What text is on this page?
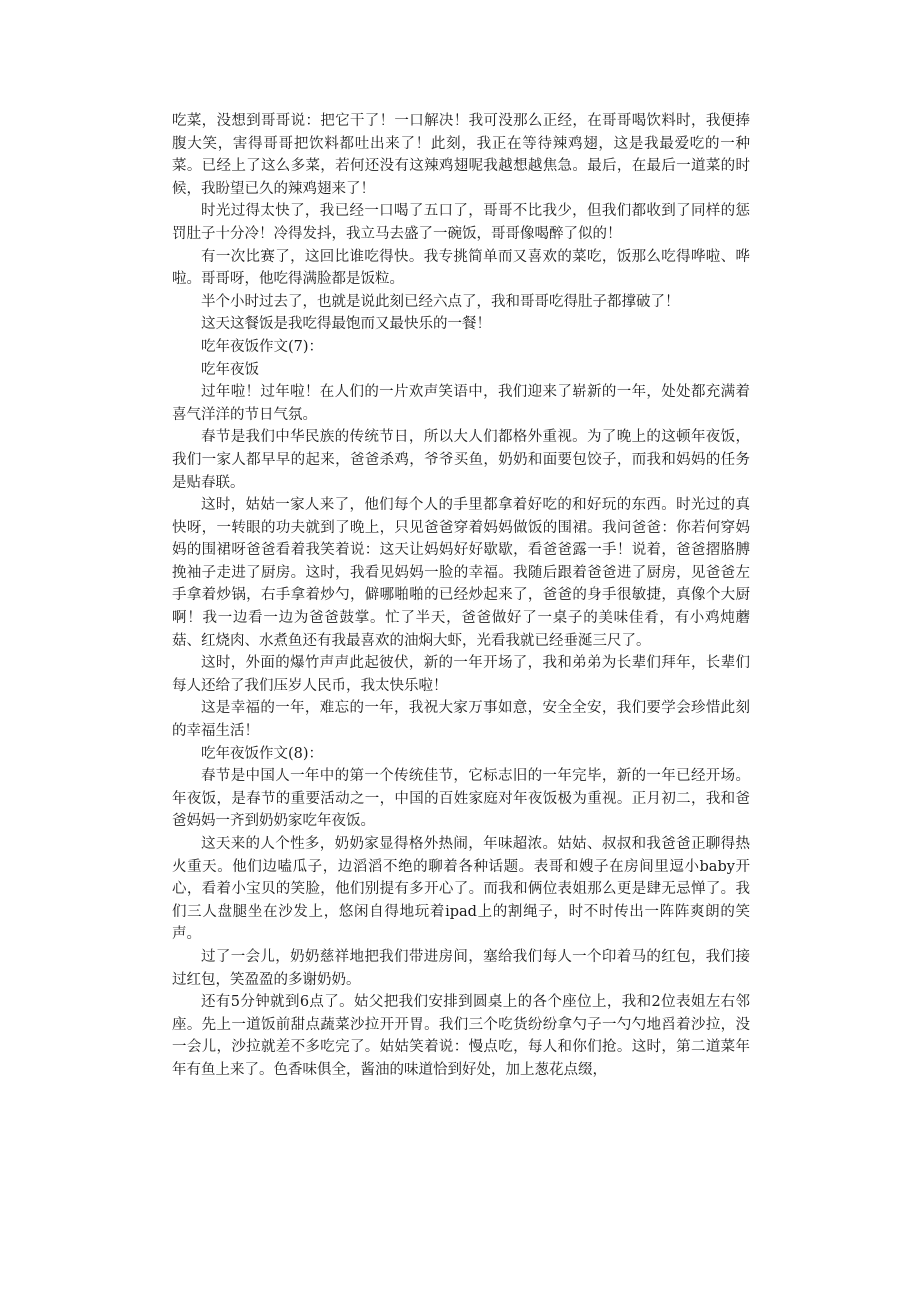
吃菜，没想到哥哥说：把它干了！一口解决！我可没那么正经，在哥哥喝饮料时，我便捧腹大笑，害得哥哥把饮料都吐出来了！此刻，我正在等待辣鸡翅，这是我最爱吃的一种菜。已经上了这么多菜，若何还没有这辣鸡翅呢我越想越焦急。最后，在最后一道菜的时候，我盼望已久的辣鸡翅来了！

时光过得太快了，我已经一口喝了五口了，哥哥不比我少，但我们都收到了同样的惩罚肚子十分冷！冷得发抖，我立马去盛了一碗饭，哥哥像喝醉了似的！

有一次比赛了，这回比谁吃得快。我专挑简单而又喜欢的菜吃，饭那么吃得哗啦、哗啦。哥哥呀，他吃得满脸都是饭粒。

半个小时过去了，也就是说此刻已经六点了，我和哥哥吃得肚子都撑破了！

这天这餐饭是我吃得最饱而又最快乐的一餐！

吃年夜饭作文(7)：

吃年夜饭

过年啦！过年啦！在人们的一片欢声笑语中，我们迎来了崭新的一年，处处都充满着喜气洋洋的节日气氛。

春节是我们中华民族的传统节日，所以大人们都格外重视。为了晚上的这顿年夜饭，我们一家人都早早的起来，爸爸杀鸡，爷爷买鱼，奶奶和面要包饺子，而我和妈妈的任务是贴春联。

这时，姑姑一家人来了，他们每个人的手里都拿着好吃的和好玩的东西。时光过的真快呀，一转眼的功夫就到了晚上，只见爸爸穿着妈妈做饭的围裙。我问爸爸：你若何穿妈妈的围裙呀爸爸看着我笑着说：这天让妈妈好好歇歇，看爸爸露一手！说着，爸爸摺胳膊挽袖子走进了厨房。这时，我看见妈妈一脸的幸福。我随后跟着爸爸进了厨房，见爸爸左手拿着炒锅，右手拿着炒勺，僻哪啪啪的已经炒起来了，爸爸的身手很敏捷，真像个大厨啊！我一边看一边为爸爸鼓掌。忙了半天，爸爸做好了一桌子的美味佳肴，有小鸡炖蘑菇、红烧肉、水煮鱼还有我最喜欢的油焖大虾，光看我就已经垂涎三尺了。

这时，外面的爆竹声声此起彼伏，新的一年开场了，我和弟弟为长辈们拜年，长辈们每人还给了我们压岁人民币，我太快乐啦！

这是幸福的一年，难忘的一年，我祝大家万事如意，安全全安，我们要学会珍惜此刻的幸福生活！

吃年夜饭作文(8)：

春节是中国人一年中的第一个传统佳节，它标志旧的一年完毕，新的一年已经开场。年夜饭，是春节的重要活动之一，中国的百姓家庭对年夜饭极为重视。正月初二，我和爸爸妈妈一齐到奶奶家吃年夜饭。

这天来的人个性多，奶奶家显得格外热闹，年味超浓。姑姑、叔叔和我爸爸正聊得热火重天。他们边嗑瓜子，边滔滔不绝的聊着各种话题。表哥和嫂子在房间里逗小baby开心，看着小宝贝的笑脸，他们别提有多开心了。而我和俩位表姐那么更是肆无忌惮了。我们三人盘腿坐在沙发上，悠闲自得地玩着ipad上的割绳子，时不时传出一阵阵爽朗的笑声。

过了一会儿，奶奶慈祥地把我们带进房间，塞给我们每人一个印着马的红包，我们接过红包，笑盈盈的多谢奶奶。

还有5分钟就到6点了。姑父把我们安排到圆桌上的各个座位上，我和2位表姐左右邻座。先上一道饭前甜点蔬菜沙拉开开胃。我们三个吃货纷纷拿勺子一勺勺地舀着沙拉，没一会儿，沙拉就差不多吃完了。姑姑笑着说：慢点吃，每人和你们抢。这时，第二道菜年年有鱼上来了。色香味俱全，酱油的味道恰到好处，加上葱花点缀，
